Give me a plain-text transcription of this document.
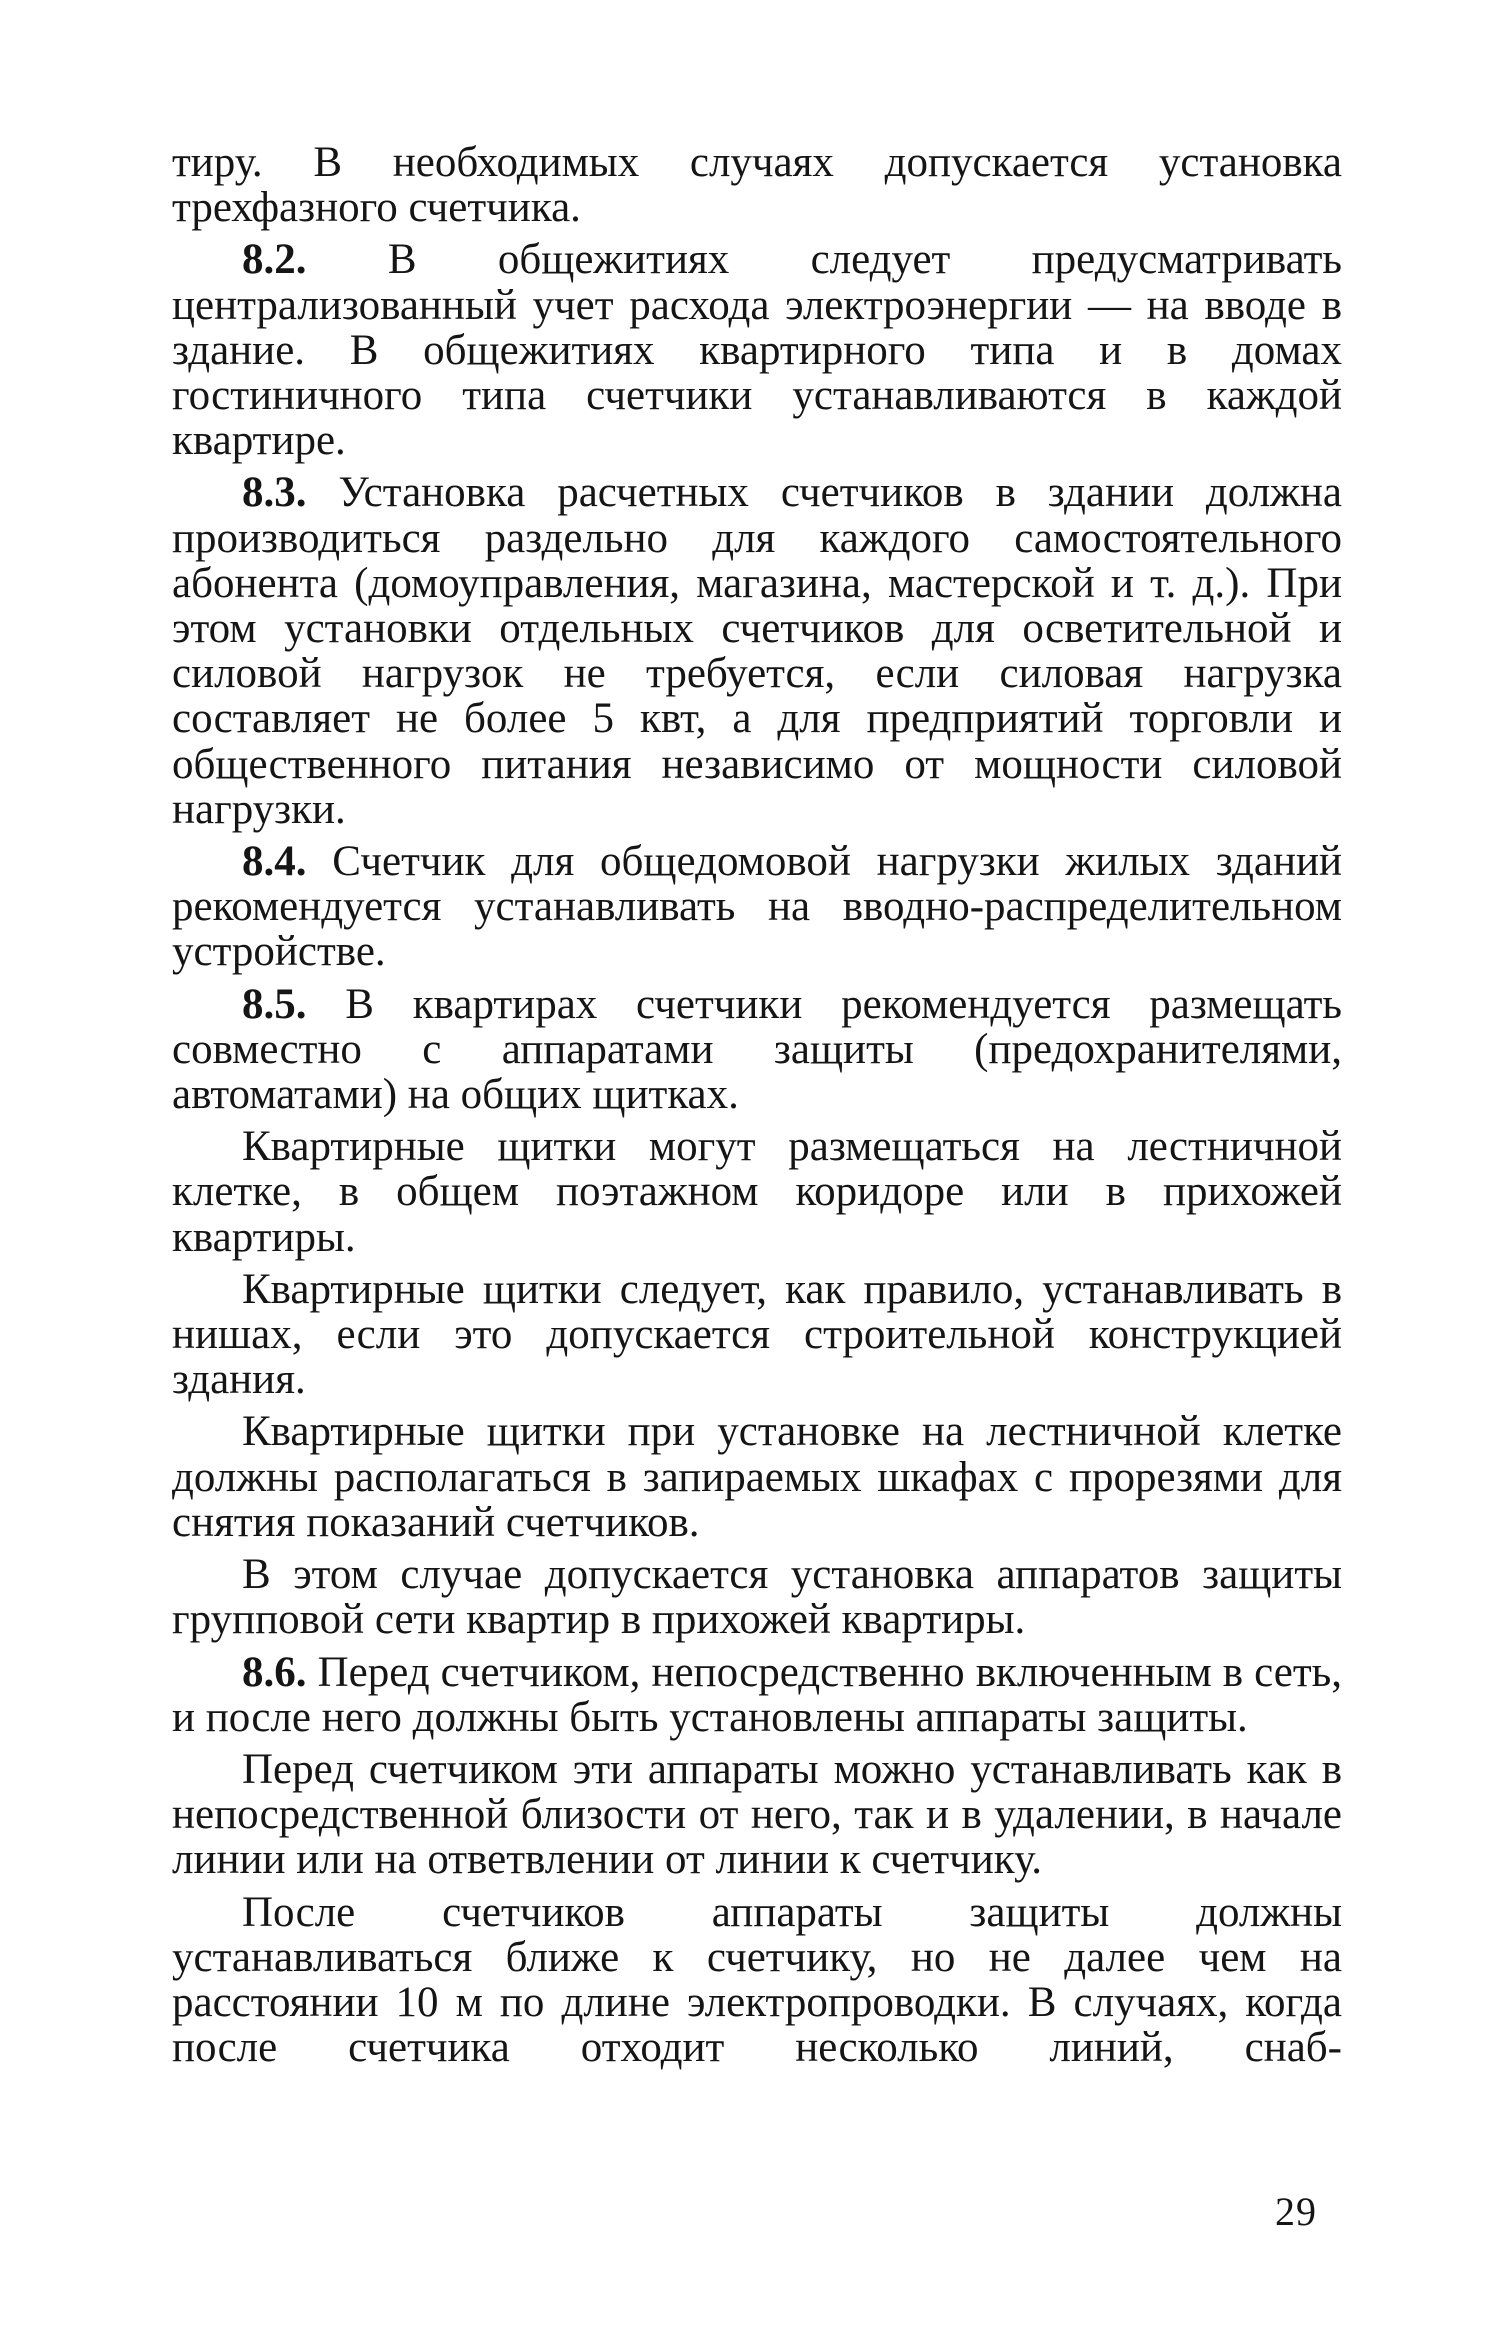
тиру. В необходимых случаях допускается установка трехфазного счетчика.

8.2. В общежитиях следует предусматривать централизованный учет расхода электроэнергии — на вводе в здание. В общежитиях квартирного типа и в домах гостиничного типа счетчики устанавливаются в каждой квартире.

8.3. Установка расчетных счетчиков в здании должна производиться раздельно для каждого самостоятельного абонента (домоуправления, магазина, мастерской и т. д.). При этом установки отдельных счетчиков для осветительной и силовой нагрузок не требуется, если силовая нагрузка составляет не более 5 квт, а для предприятий торговли и общественного питания независимо от мощности силовой нагрузки.

8.4. Счетчик для общедомовой нагрузки жилых зданий рекомендуется устанавливать на вводно-распределительном устройстве.

8.5. В квартирах счетчики рекомендуется размещать совместно с аппаратами защиты (предохранителями, автоматами) на общих щитках.

Квартирные щитки могут размещаться на лестничной клетке, в общем поэтажном коридоре или в прихожей квартиры.

Квартирные щитки следует, как правило, устанавливать в нишах, если это допускается строительной конструкцией здания.

Квартирные щитки при установке на лестничной клетке должны располагаться в запираемых шкафах с прорезями для снятия показаний счетчиков.

В этом случае допускается установка аппаратов защиты групповой сети квартир в прихожей квартиры.

8.6. Перед счетчиком, непосредственно включенным в сеть, и после него должны быть установлены аппараты защиты.

Перед счетчиком эти аппараты можно устанавливать как в непосредственной близости от него, так и в удалении, в начале линии или на ответвлении от линии к счетчику.

После счетчиков аппараты защиты должны устанавливаться ближе к счетчику, но не далее чем на расстоянии 10 м по длине электропроводки. В случаях, когда после счетчика отходит несколько линий, снаб-

29
